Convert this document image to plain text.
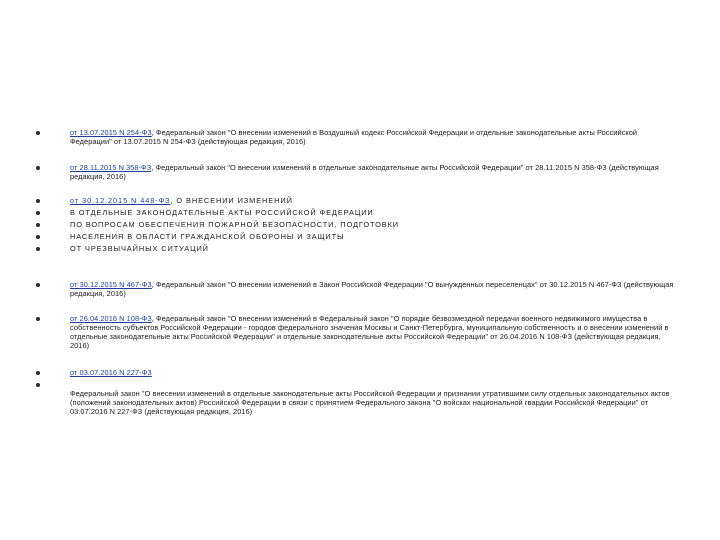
от 13.07.2015 N 254-ФЗ, Федеральный закон "О внесении изменений в Воздушный кодекс Российской Федерации и отдельные законодательные акты Российской Федерации" от 13.07.2015 N 254-ФЗ (действующая редакция, 2016)
от 28.11.2015 N 358-ФЗ, Федеральный закон "О внесении изменений в отдельные законодательные акты Российской Федерации" от 28.11.2015 N 358-ФЗ (действующая редакция, 2016)
от 30.12.2015 N 448-ФЗ, О ВНЕСЕНИИ ИЗМЕНЕНИЙ
В ОТДЕЛЬНЫЕ ЗАКОНОДАТЕЛЬНЫЕ АКТЫ РОССИЙСКОЙ ФЕДЕРАЦИИ
ПО ВОПРОСАМ ОБЕСПЕЧЕНИЯ ПОЖАРНОЙ БЕЗОПАСНОСТИ, ПОДГОТОВКИ
НАСЕЛЕНИЯ В ОБЛАСТИ ГРАЖДАНСКОЙ ОБОРОНЫ И ЗАЩИТЫ
ОТ ЧРЕЗВЫЧАЙНЫХ СИТУАЦИЙ
от 30.12.2015 N 467-ФЗ, Федеральный закон "О внесении изменений в Закон Российской Федерации "О вынужденных переселенцах" от 30.12.2015 N 467-ФЗ (действующая редакция, 2016)
от 26.04.2016 N 108-ФЗ, Федеральный закон "О внесении изменений в Федеральный закон "О порядке безвозмездной передачи военного недвижимого имущества в собственность субъектов Российской Федерации - городов федерального значения Москвы и Санкт-Петербурга, муниципальную собственность и о внесении изменений в отдельные законодательные акты Российской Федерации" и отдельные законодательные акты Российской Федерации" от 26.04.2016 N 108-ФЗ (действующая редакция, 2016)
от 03.07.2016 N 227-ФЗ
Федеральный закон "О внесении изменений в отдельные законодательные акты Российской Федерации и признании утратившими силу отдельных законодательных актов (положений законодательных актов) Российской Федерации в связи с принятием Федерального закона "О войсках национальной гвардии Российской Федерации" от 03.07.2016 N 227-ФЗ (действующая редакция, 2016)
